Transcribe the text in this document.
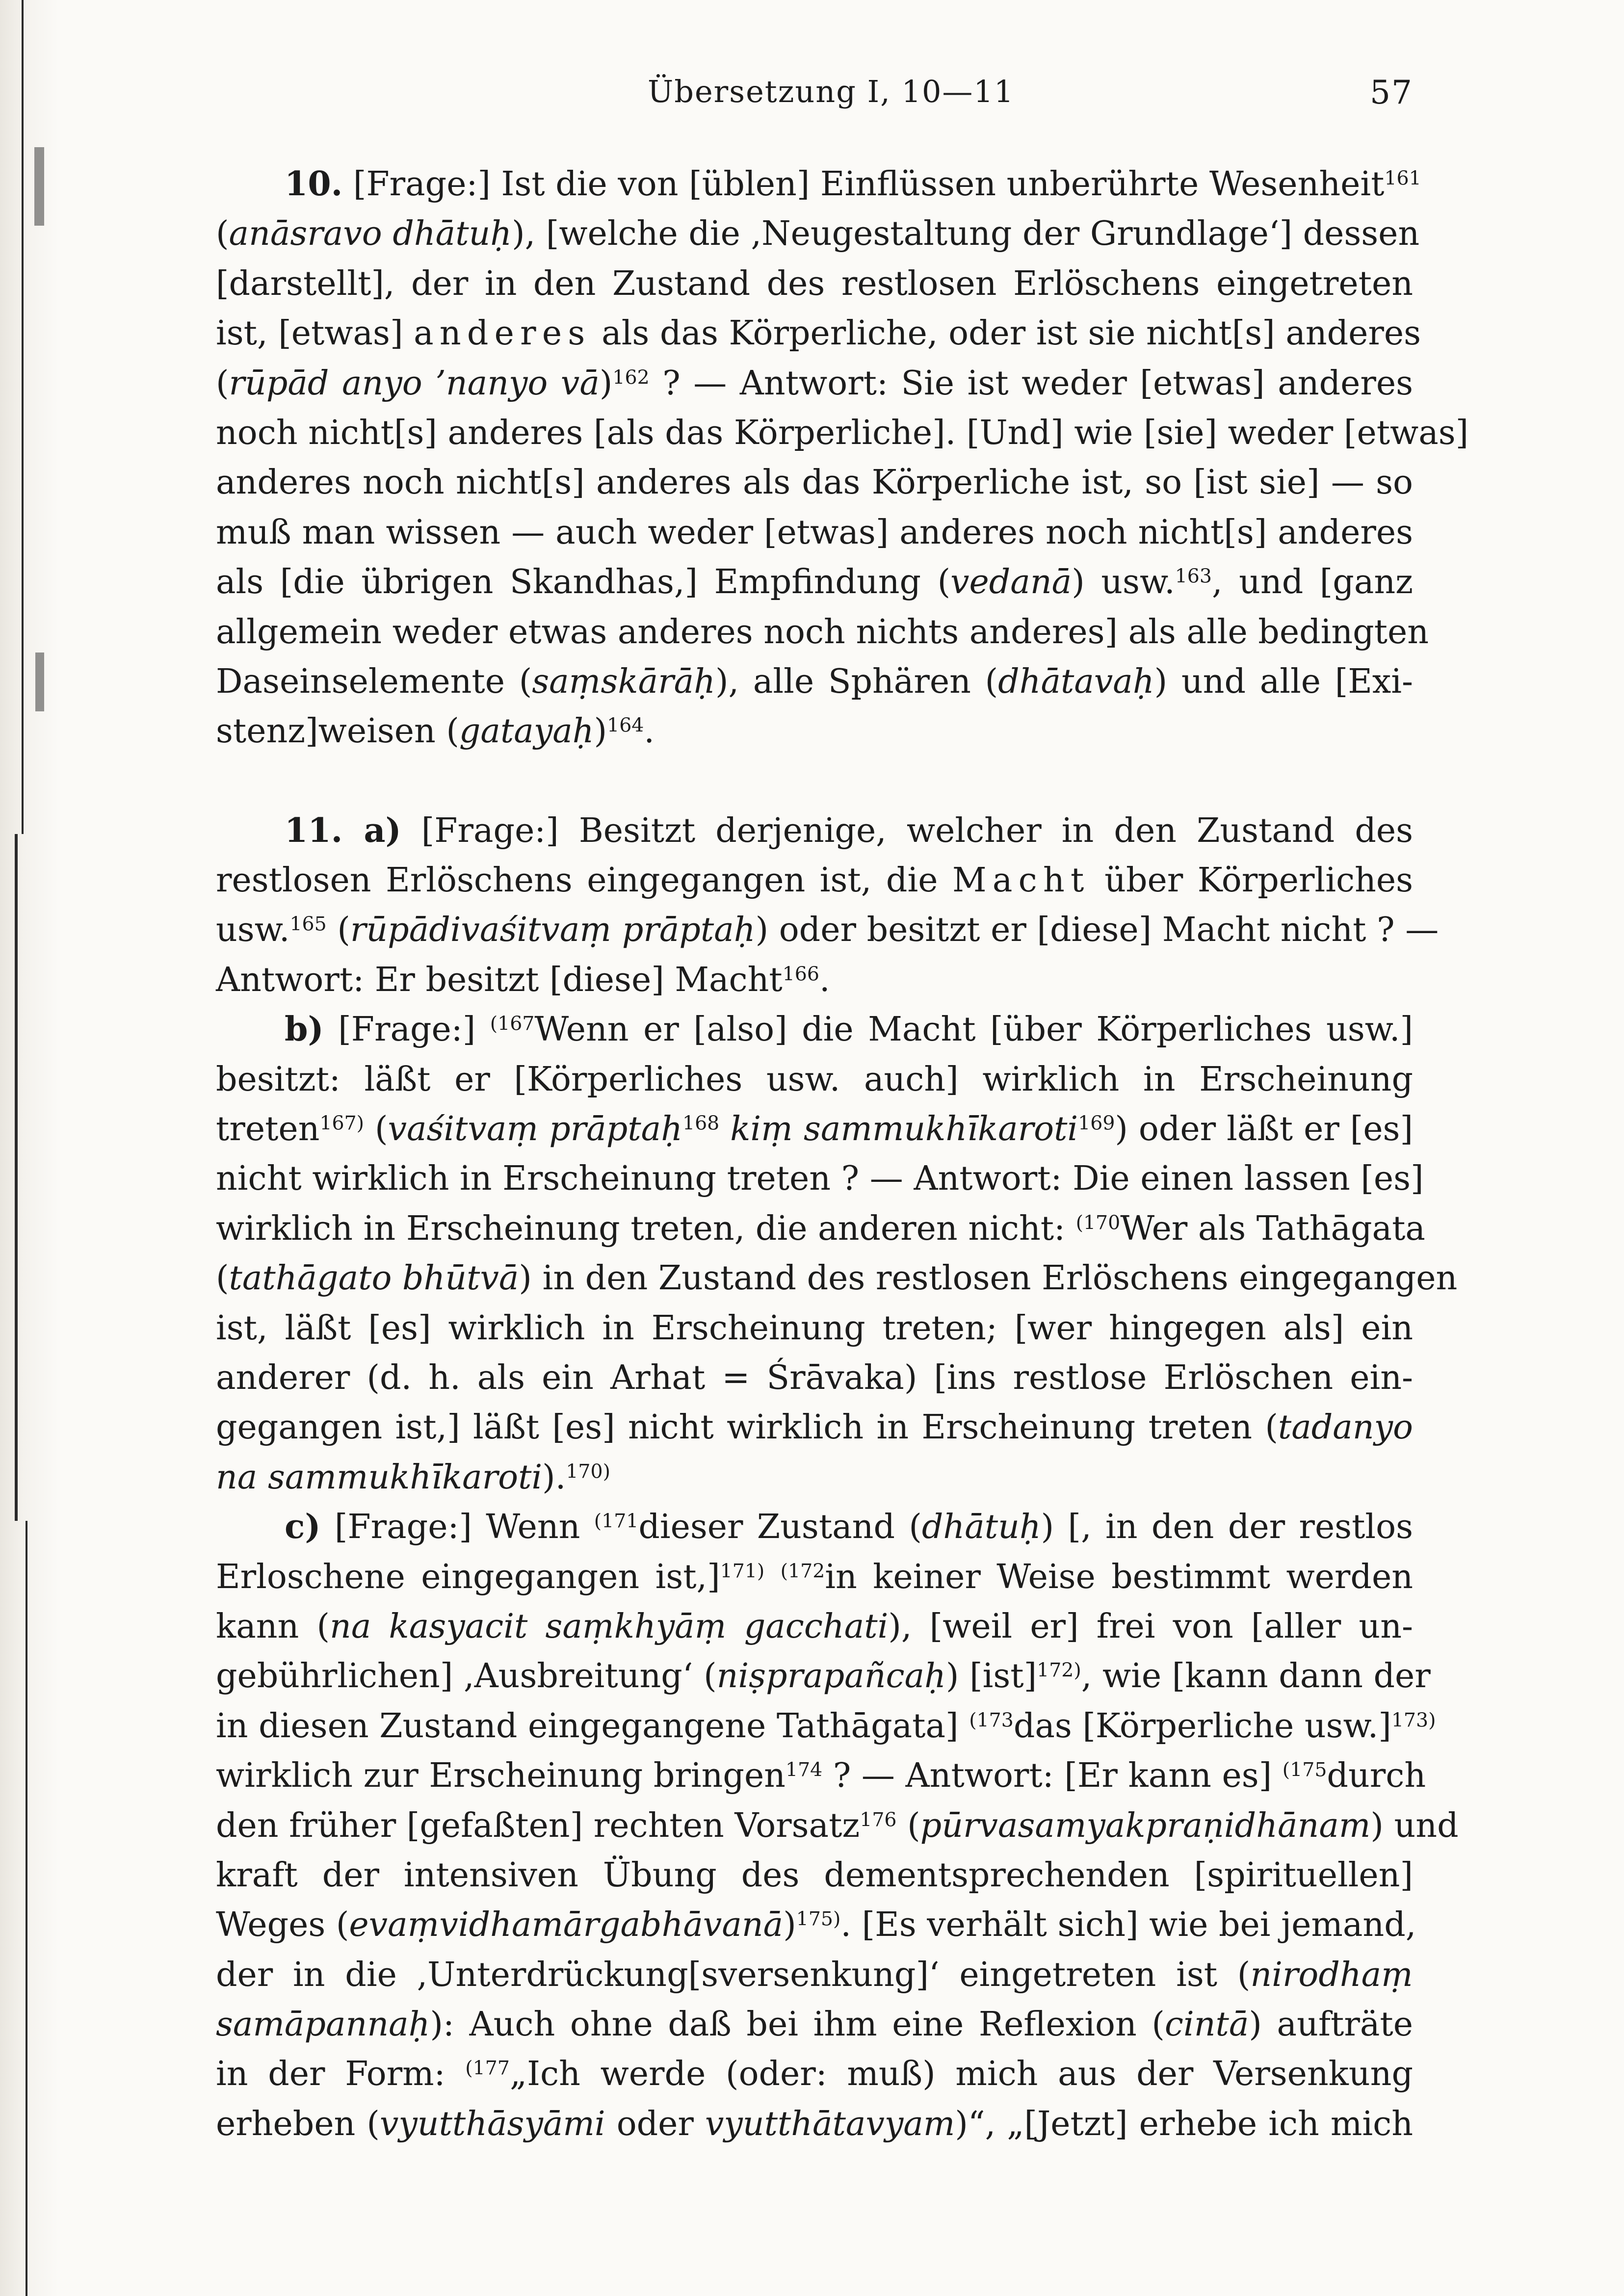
Übersetzung I, 10—11	57
10. [Frage:] Ist die von [üblen] Einflüssen unberührte Wesenheit$^{161}$
(anāsravo dhātuḥ), [welche die ,Neugestaltung der Grundlage‘] dessen
[darstellt], der in den Zustand des restlosen Erlöschens eingetreten
ist, [etwas] anderes als das Körperliche, oder ist sie nicht[s] anderes
(rūpād anyo ’nanyo vā)$^{162}$ ? — Antwort: Sie ist weder [etwas] anderes
noch nicht[s] anderes [als das Körperliche]. [Und] wie [sie] weder [etwas]
anderes noch nicht[s] anderes als das Körperliche ist, so [ist sie] — so
muß man wissen — auch weder [etwas] anderes noch nicht[s] anderes
als [die übrigen Skandhas,] Empfindung (vedanā) usw.$^{163}$, und [ganz
allgemein weder etwas anderes noch nichts anderes] als alle bedingten
Daseinselemente (saṃskārāḥ), alle Sphären (dhātavaḥ) und alle [Exi-
stenz]weisen (gatayaḥ)$^{164}$.
11. a) [Frage:] Besitzt derjenige, welcher in den Zustand des
restlosen Erlöschens eingegangen ist, die Macht über Körperliches
usw.$^{165}$ (rūpādivaśitvaṃ prāptaḥ) oder besitzt er [diese] Macht nicht ? —
Antwort: Er besitzt [diese] Macht$^{166}$.
b) [Frage:] $^{(167}$Wenn er [also] die Macht [über Körperliches usw.]
besitzt: läßt er [Körperliches usw. auch] wirklich in Erscheinung
treten$^{167)}$ (vaśitvaṃ prāptaḥ$^{168}$ kiṃ sammukhīkaroti$^{169}$) oder läßt er [es]
nicht wirklich in Erscheinung treten ? — Antwort: Die einen lassen [es]
wirklich in Erscheinung treten, die anderen nicht: $^{(170}$Wer als Tathāgata
(tathāgato bhūtvā) in den Zustand des restlosen Erlöschens eingegangen
ist, läßt [es] wirklich in Erscheinung treten; [wer hingegen als] ein
anderer (d. h. als ein Arhat = Śrāvaka) [ins restlose Erlöschen ein-
gegangen ist,] läßt [es] nicht wirklich in Erscheinung treten (tadanyo
na sammukhīkaroti).$^{170)}$
c) [Frage:] Wenn $^{(171}$dieser Zustand (dhātuḥ) [, in den der restlos
Erloschene eingegangen ist,]$^{171)}$ $^{(172}$in keiner Weise bestimmt werden
kann (na kasyacit saṃkhyāṃ gacchati), [weil er] frei von [aller un-
gebührlichen] ,Ausbreitung‘ (niṣprapañcaḥ) [ist]$^{172)}$, wie [kann dann der
in diesen Zustand eingegangene Tathāgata] $^{(173}$das [Körperliche usw.]$^{173)}$
wirklich zur Erscheinung bringen$^{174}$ ? — Antwort: [Er kann es] $^{(175}$durch
den früher [gefaßten] rechten Vorsatz$^{176}$ (pūrvasamyakpraṇidhānam) und
kraft der intensiven Übung des dementsprechenden [spirituellen]
Weges (evaṃvidhamārgabhāvanā)$^{175)}$. [Es verhält sich] wie bei jemand,
der in die ,Unterdrückung[sversenkung]‘ eingetreten ist (nirodhaṃ
samāpannaḥ): Auch ohne daß bei ihm eine Reflexion (cintā) aufträte
in der Form: $^{(177}$„Ich werde (oder: muß) mich aus der Versenkung
erheben (vyutthāsyāmi oder vyutthātavyam)“, „[Jetzt] erhebe ich mich
